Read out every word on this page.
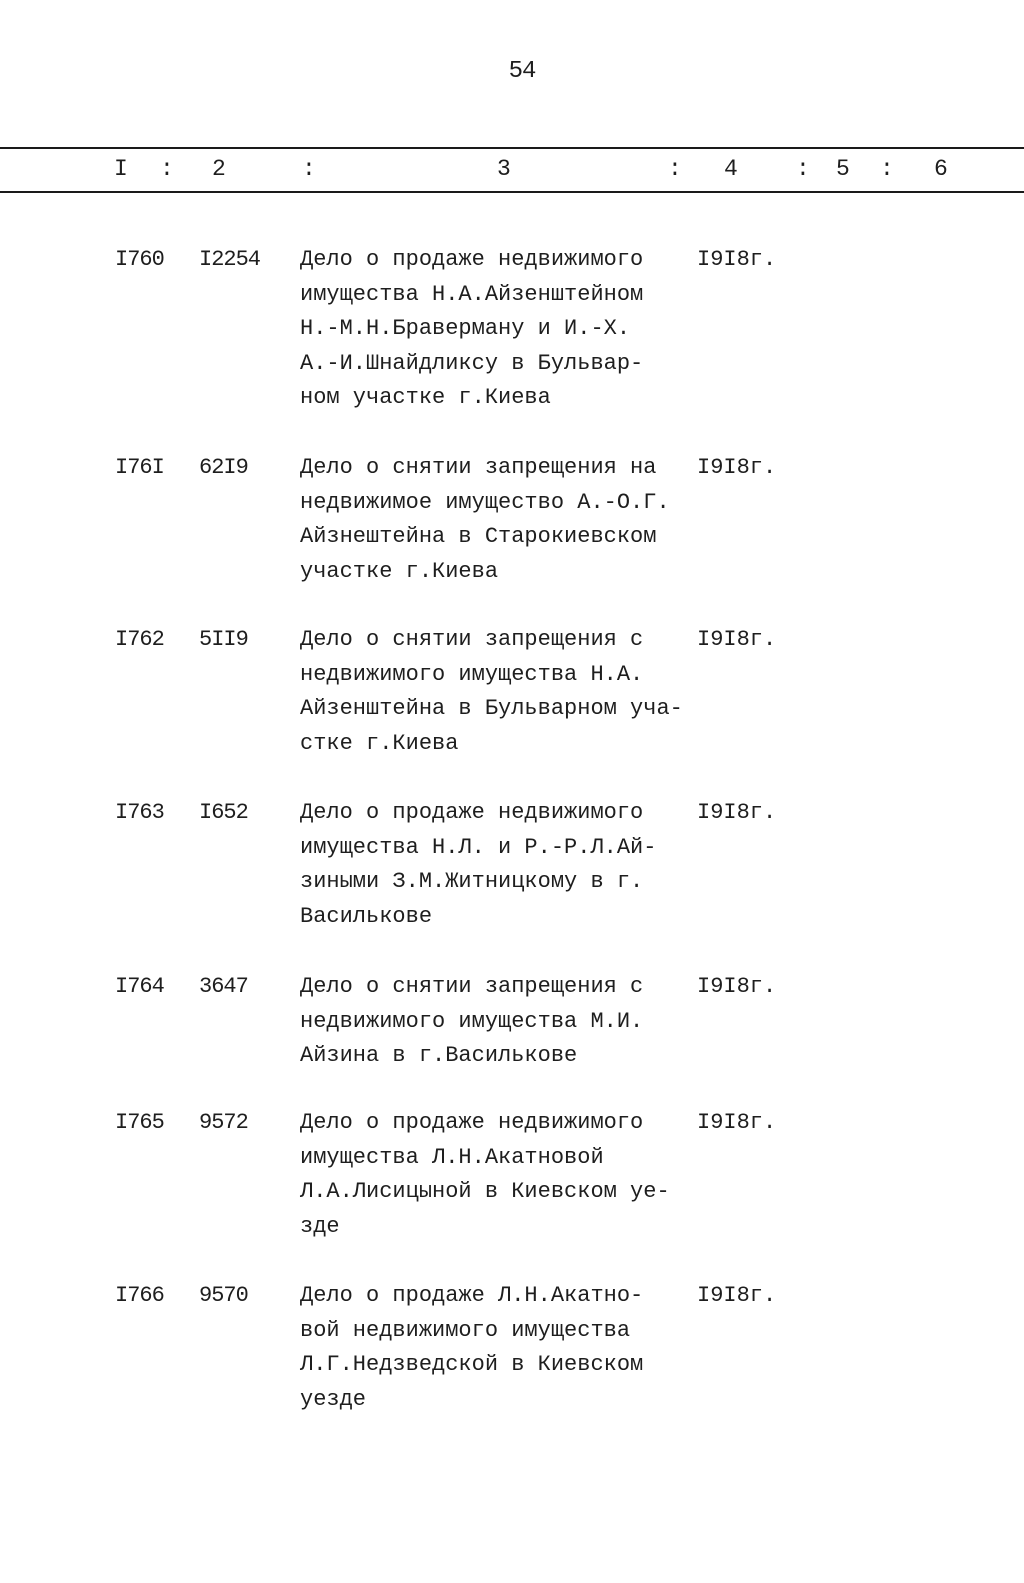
54
I : 2	:	3	: 4	: 5 : 6
I760 I2254 Дело о продаже недвижимого
имущества Н.А.Айзенштейном
Н.-М.Н.Браверману и И.-Х.
А.-И.Шнайдликсу в Бульвар-
ном участке г.Киева
I9I8г.
I76I 62I9 Дело о снятии запрещения на
недвижимое имущество А.-О.Г.
Айзнештейна в Старокиевском
участке г.Киева
I9I8г.
I762 5II9 Дело о снятии запрещения с
недвижимого имущества Н.А.
Айзенштейна в Бульварном уча-
стке г.Киева
I9I8г.
I763 I652 Дело о продаже недвижимого
имущества Н.Л. и Р.-Р.Л.Ай-
зиными З.М.Житницкому в г.
Василькове
I9I8г.
I764 3647 Дело о снятии запрещения с
недвижимого имущества М.И.
Айзина в г.Василькове
I9I8г.
I765 9572 Дело о продаже недвижимого
имущества Л.Н.Акатновой
Л.А.Лисицыной в Киевском уе-
зде
I9I8г.
I766 9570 Дело о продаже Л.Н.Акатно-
вой недвижимого имущества
Л.Г.Недзведской в Киевском
уезде
I9I8г.
